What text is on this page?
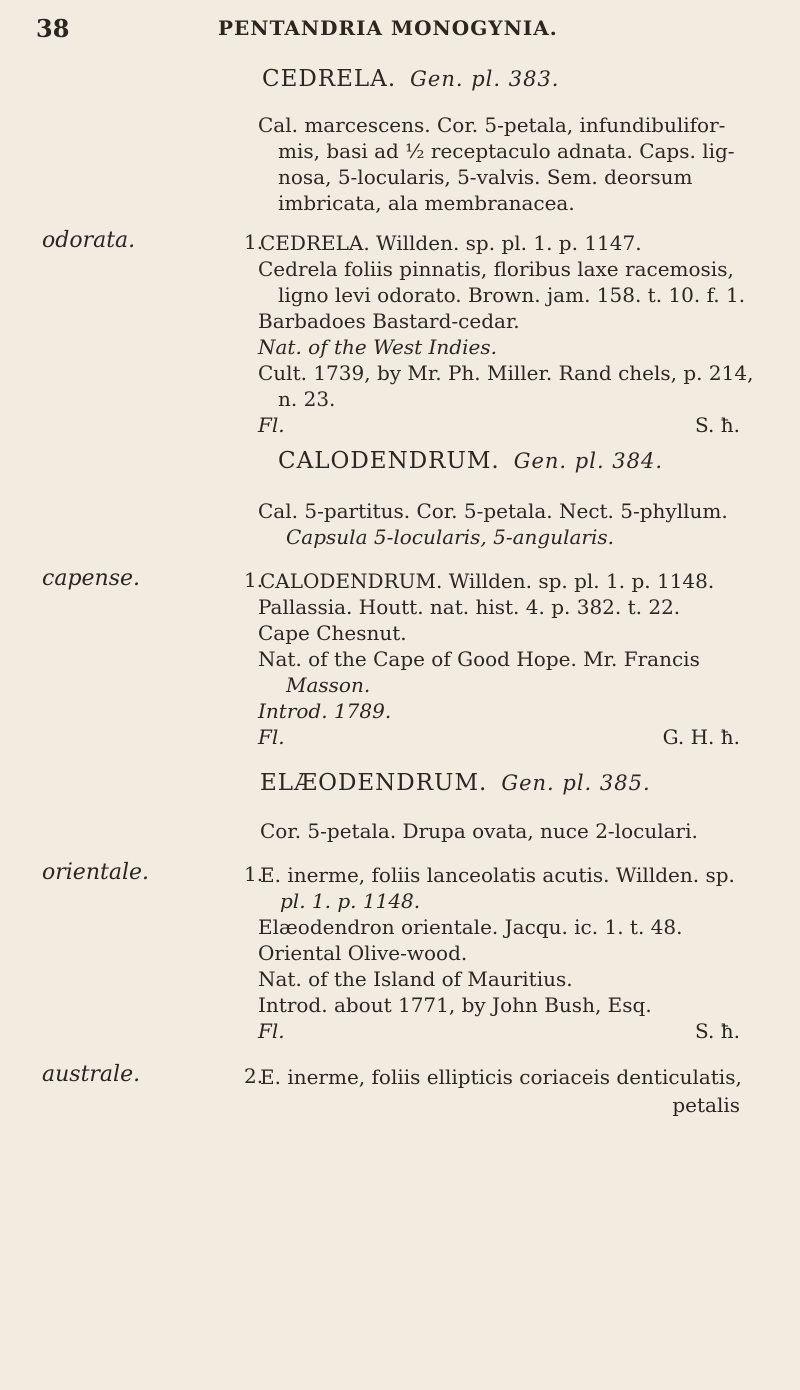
38	PENTANDRIA MONOGYNIA.
CEDRELA. Gen. pl. 383.
Cal. marcescens. Cor. 5-petala, infundibulifor-
mis, basi ad ½ receptaculo adnata. Caps. lig-
nosa, 5-locularis, 5-valvis. Sem. deorsum
imbricata, ala membranacea.
odorata.	1.
CEDRELA. Willden. sp. pl. 1. p. 1147.
Cedrela foliis pinnatis, floribus laxe racemosis,
ligno levi odorato. Brown. jam. 158. t. 10. f. 1.
Barbadoes Bastard-cedar.
Nat. of the West Indies.
Cult. 1739, by Mr. Ph. Miller. Rand chels, p. 214,
n. 23.
Fl.	S. ħ.
CALODENDRUM. Gen. pl. 384.
Cal. 5-partitus. Cor. 5-petala. Nect. 5-phyllum.
Capsula 5-locularis, 5-angularis.
capense.	1.
CALODENDRUM. Willden. sp. pl. 1. p. 1148.
Pallassia. Houtt. nat. hist. 4. p. 382. t. 22.
Cape Chesnut.
Nat. of the Cape of Good Hope. Mr. Francis
Masson.
Introd. 1789.
Fl.	G. H. ħ.
ELÆODENDRUM. Gen. pl. 385.
Cor. 5-petala. Drupa ovata, nuce 2-loculari.
orientale.	1.
E. inerme, foliis lanceolatis acutis. Willden. sp.
pl. 1. p. 1148.
Elæodendron orientale. Jacqu. ic. 1. t. 48.
Oriental Olive-wood.
Nat. of the Island of Mauritius.
Introd. about 1771, by John Bush, Esq.
Fl.	S. ħ.
australe.	2.
E. inerme, foliis ellipticis coriaceis denticulatis,
petalis
